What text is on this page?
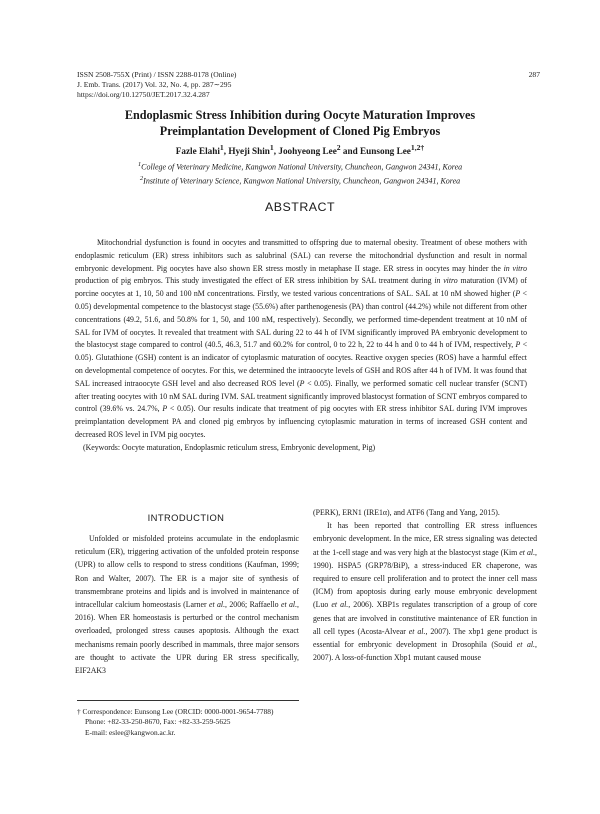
ISSN 2508-755X (Print) / ISSN 2288-0178 (Online)
J. Emb. Trans. (2017) Vol. 32, No. 4, pp. 287∼295
https://doi.org/10.12750/JET.2017.32.4.287
287
Endoplasmic Stress Inhibition during Oocyte Maturation Improves
Preimplantation Development of Cloned Pig Embryos
Fazle Elahi$^1$, Hyeji Shin$^1$, Joohyeong Lee$^2$ and Eunsong Lee$^{1,2\dagger}$
$^1$College of Veterinary Medicine, Kangwon National University, Chuncheon, Gangwon 24341, Korea
$^2$Institute of Veterinary Science, Kangwon National University, Chuncheon, Gangwon 24341, Korea
ABSTRACT

Mitochondrial dysfunction is found in oocytes and transmitted to offspring due to maternal obesity. Treatment of obese mothers with endoplasmic reticulum (ER) stress inhibitors such as salubrinal (SAL) can reverse the mitochondrial dysfunction and result in normal embryonic development. Pig oocytes have also shown ER stress mostly in metaphase II stage. ER stress in oocytes may hinder the in vitro production of pig embryos. This study investigated the effect of ER stress inhibition by SAL treatment during in vitro maturation (IVM) of porcine oocytes at 1, 10, 50 and 100 nM concentrations. Firstly, we tested various concentrations of SAL. SAL at 10 nM showed higher (P < 0.05) developmental competence to the blastocyst stage (55.6%) after parthenogenesis (PA) than control (44.2%) while not different from other concentrations (49.2, 51.6, and 50.8% for 1, 50, and 100 nM, respectively). Secondly, we performed time-dependent treatment at 10 nM of SAL for IVM of oocytes. It revealed that treatment with SAL during 22 to 44 h of IVM significantly improved PA embryonic development to the blastocyst stage compared to control (40.5, 46.3, 51.7 and 60.2% for control, 0 to 22 h, 22 to 44 h and 0 to 44 h of IVM, respectively, P < 0.05). Glutathione (GSH) content is an indicator of cytoplasmic maturation of oocytes. Reactive oxygen species (ROS) have a harmful effect on developmental competence of oocytes. For this, we determined the intraoocyte levels of GSH and ROS after 44 h of IVM. It was found that SAL increased intraoocyte GSH level and also decreased ROS level (P < 0.05). Finally, we performed somatic cell nuclear transfer (SCNT) after treating oocytes with 10 nM SAL during IVM. SAL treatment significantly improved blastocyst formation of SCNT embryos compared to control (39.6% vs. 24.7%, P < 0.05). Our results indicate that treatment of pig oocytes with ER stress inhibitor SAL during IVM improves preimplantation development PA and cloned pig embryos by influencing cytoplasmic maturation in terms of increased GSH content and decreased ROS level in IVM pig oocytes.

(Keywords: Oocyte maturation, Endoplasmic reticulum stress, Embryonic development, Pig)

INTRODUCTION

Unfolded or misfolded proteins accumulate in the endoplasmic reticulum (ER), triggering activation of the unfolded protein response (UPR) to allow cells to respond to stress conditions (Kaufman, 1999; Ron and Walter, 2007). The ER is a major site of synthesis of transmembrane proteins and lipids and is involved in maintenance of intracellular calcium homeostasis (Larner et al., 2006; Raffaello et al., 2016). When ER homeostasis is perturbed or the control mechanism overloaded, prolonged stress causes apoptosis. Although the exact mechanisms remain poorly described in mammals, three major sensors are thought to activate the UPR during ER stress specifically, EIF2AK3

(PERK), ERN1 (IRE1α), and ATF6 (Tang and Yang, 2015).

It has been reported that controlling ER stress influences embryonic development. In the mice, ER stress signaling was detected at the 1-cell stage and was very high at the blastocyst stage (Kim et al., 1990). HSPA5 (GRP78/BiP), a stress-induced ER chaperone, was required to ensure cell proliferation and to protect the inner cell mass (ICM) from apoptosis during early mouse embryonic development (Luo et al., 2006). XBP1s regulates transcription of a group of core genes that are involved in constitutive maintenance of ER function in all cell types (Acosta-Alvear et al., 2007). The xbp1 gene product is essential for embryonic development in Drosophila (Souid et al., 2007). A loss-of-function Xbp1 mutant caused mouse

† Correspondence: Eunsong Lee (ORCID: 0000-0001-9654-7788)
Phone: +82-33-250-8670, Fax: +82-33-259-5625
E-mail: eslee@kangwon.ac.kr.
